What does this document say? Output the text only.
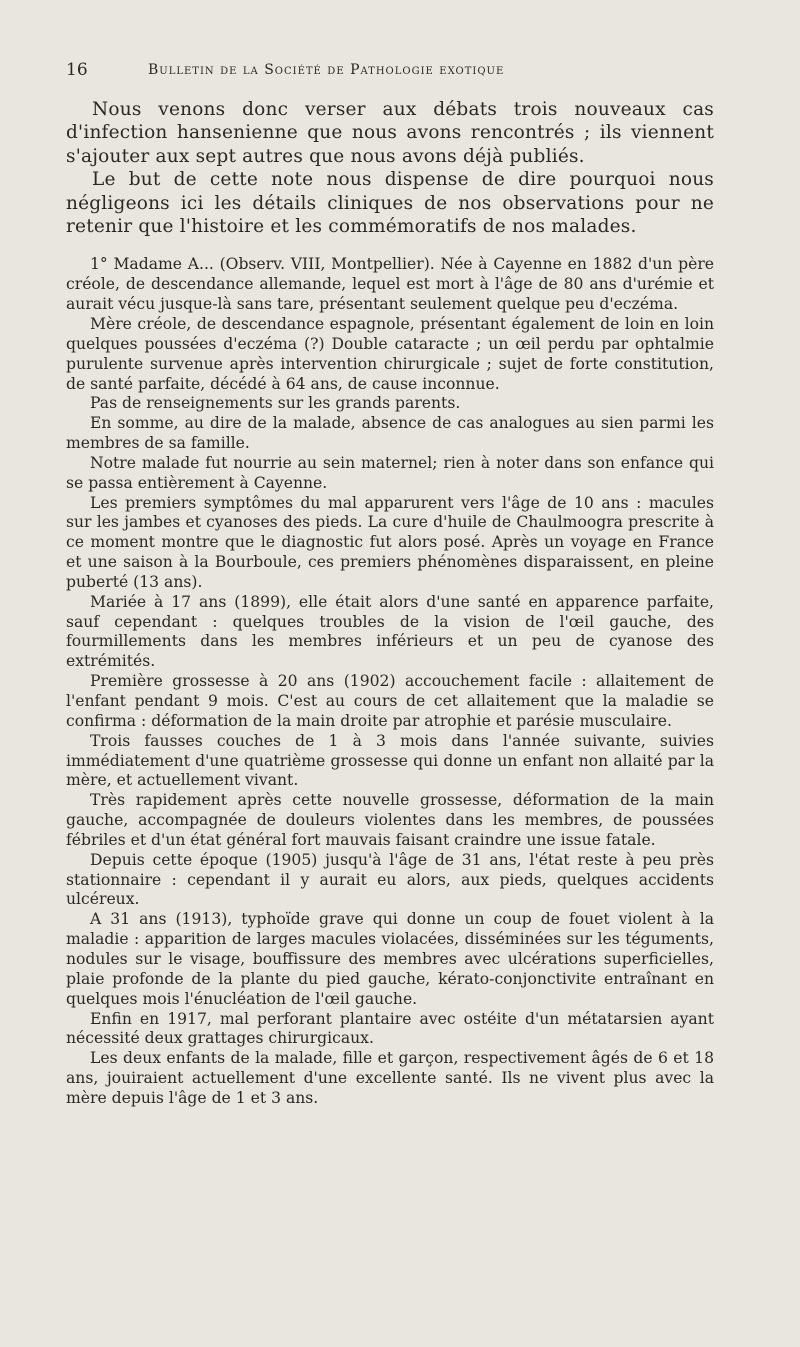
16	Bulletin de la Société de Pathologie exotique

Nous venons donc verser aux débats trois nouveaux cas d'infection hansenienne que nous avons rencontrés ; ils viennent s'ajouter aux sept autres que nous avons déjà publiés.

Le but de cette note nous dispense de dire pourquoi nous négligeons ici les détails cliniques de nos observations pour ne retenir que l'histoire et les commémoratifs de nos malades.

1° Madame A... (Observ. VIII, Montpellier). Née à Cayenne en 1882 d'un père créole, de descendance allemande, lequel est mort à l'âge de 80 ans d'urémie et aurait vécu jusque-là sans tare, présentant seulement quelque peu d'eczéma.

Mère créole, de descendance espagnole, présentant également de loin en loin quelques poussées d'eczéma (?) Double cataracte ; un œil perdu par ophtalmie purulente survenue après intervention chirurgicale ; sujet de forte constitution, de santé parfaite, décédé à 64 ans, de cause inconnue.

Pas de renseignements sur les grands parents.

En somme, au dire de la malade, absence de cas analogues au sien parmi les membres de sa famille.

Notre malade fut nourrie au sein maternel; rien à noter dans son enfance qui se passa entièrement à Cayenne.

Les premiers symptômes du mal apparurent vers l'âge de 10 ans : macules sur les jambes et cyanoses des pieds. La cure d'huile de Chaulmoogra prescrite à ce moment montre que le diagnostic fut alors posé. Après un voyage en France et une saison à la Bourboule, ces premiers phénomènes disparaissent, en pleine puberté (13 ans).

Mariée à 17 ans (1899), elle était alors d'une santé en apparence parfaite, sauf cependant : quelques troubles de la vision de l'œil gauche, des fourmillements dans les membres inférieurs et un peu de cyanose des extrémités.

Première grossesse à 20 ans (1902) accouchement facile : allaitement de l'enfant pendant 9 mois. C'est au cours de cet allaitement que la maladie se confirma : déformation de la main droite par atrophie et parésie musculaire.

Trois fausses couches de 1 à 3 mois dans l'année suivante, suivies immédiatement d'une quatrième grossesse qui donne un enfant non allaité par la mère, et actuellement vivant.

Très rapidement après cette nouvelle grossesse, déformation de la main gauche, accompagnée de douleurs violentes dans les membres, de poussées fébriles et d'un état général fort mauvais faisant craindre une issue fatale.

Depuis cette époque (1905) jusqu'à l'âge de 31 ans, l'état reste à peu près stationnaire : cependant il y aurait eu alors, aux pieds, quelques accidents ulcéreux.

A 31 ans (1913), typhoïde grave qui donne un coup de fouet violent à la maladie : apparition de larges macules violacées, disséminées sur les téguments, nodules sur le visage, bouffissure des membres avec ulcérations superficielles, plaie profonde de la plante du pied gauche, kérato-conjonctivite entraînant en quelques mois l'énucléation de l'œil gauche.

Enfin en 1917, mal perforant plantaire avec ostéite d'un métatarsien ayant nécessité deux grattages chirurgicaux.

Les deux enfants de la malade, fille et garçon, respectivement âgés de 6 et 18 ans, jouiraient actuellement d'une excellente santé. Ils ne vivent plus avec la mère depuis l'âge de 1 et 3 ans.
